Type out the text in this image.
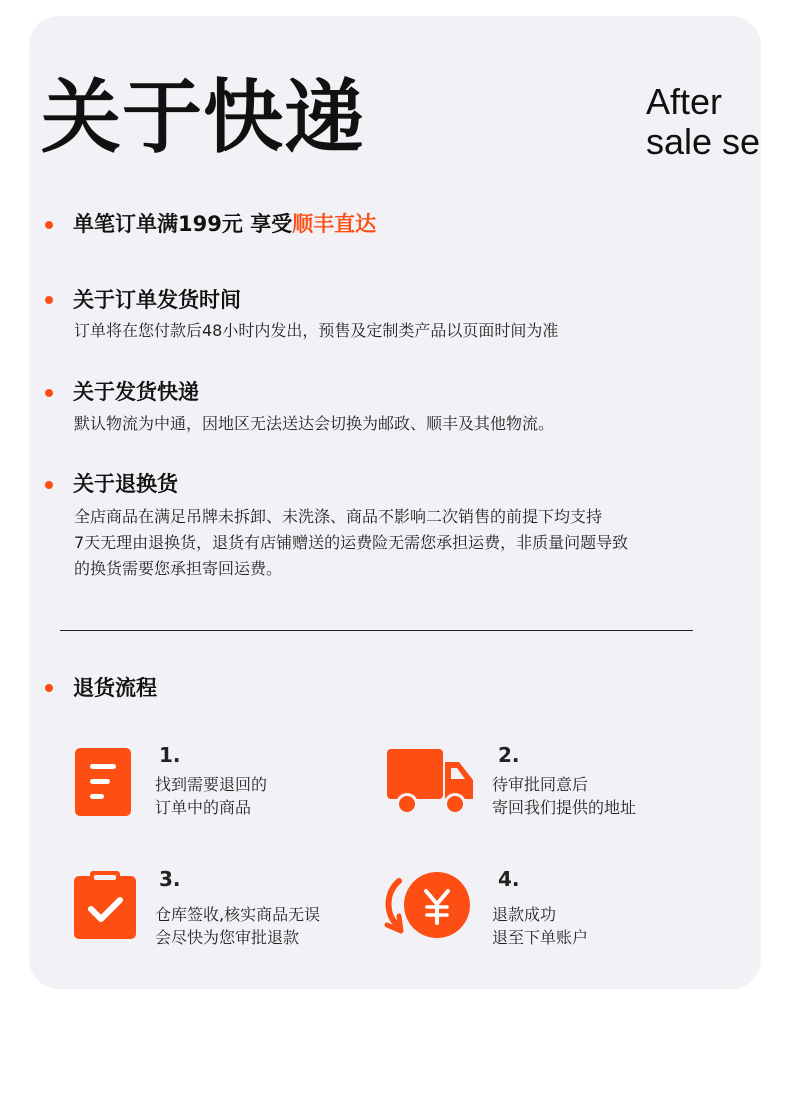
关于快递	After
sale se
单笔订单满199元 享受顺丰直达
关于订单发货时间
订单将在您付款后48小时内发出，预售及定制类产品以页面时间为准
关于发货快递
默认物流为中通，因地区无法送达会切换为邮政、顺丰及其他物流。
关于退换货
全店商品在满足吊牌未拆卸、未洗涤、商品不影响二次销售的前提下均支持
7天无理由退换货，退货有店铺赠送的运费险无需您承担运费，非质量问题导致
的换货需要您承担寄回运费。
退货流程
1.
找到需要退回的
订单中的商品
2.
待审批同意后
寄回我们提供的地址
3.
仓库签收,核实商品无误
会尽快为您审批退款
4.
退款成功
退至下单账户
